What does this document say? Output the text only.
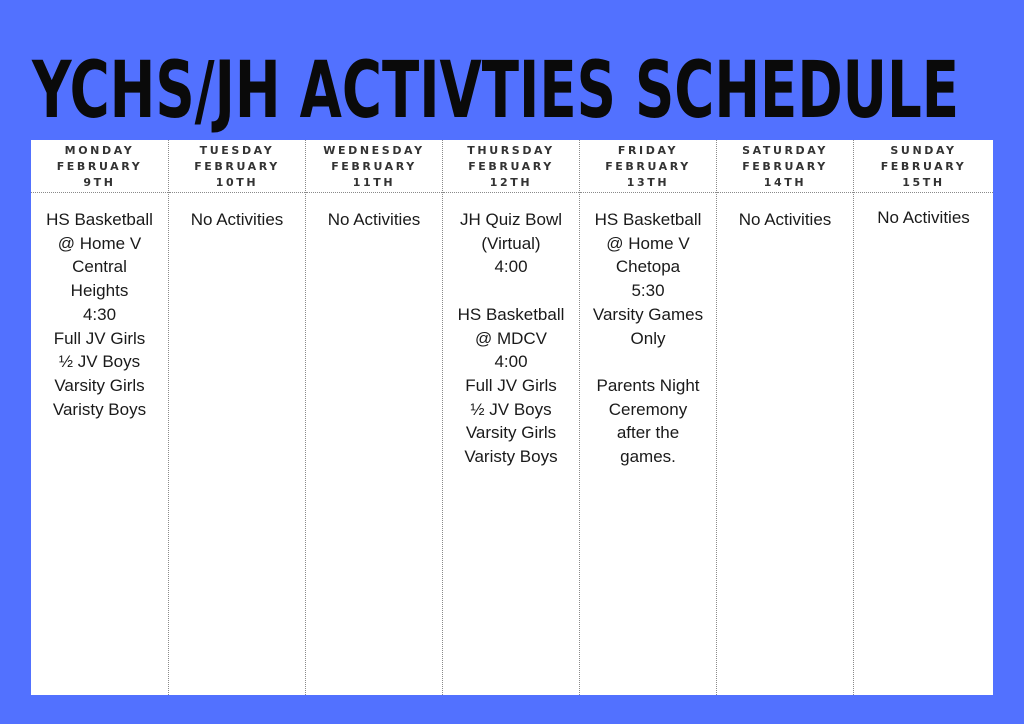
YCHS/JH ACTIVTIES SCHEDULE
MONDAY
FEBRUARY
9TH
HS Basketball
@ Home V
Central
Heights
4:30
Full JV Girls
½ JV Boys
Varsity Girls
Varisty Boys
TUESDAY
FEBRUARY
10TH
No Activities
WEDNESDAY
FEBRUARY
11TH
No Activities
THURSDAY
FEBRUARY
12TH
JH Quiz Bowl
(Virtual)
4:00
HS Basketball
@ MDCV
4:00
Full JV Girls
½ JV Boys
Varsity Girls
Varisty Boys
FRIDAY
FEBRUARY
13TH
HS Basketball
@ Home V
Chetopa
5:30
Varsity Games
Only
Parents Night
Ceremony
after the
games.
SATURDAY
FEBRUARY
14TH
No Activities
SUNDAY
FEBRUARY
15TH
No Activities
